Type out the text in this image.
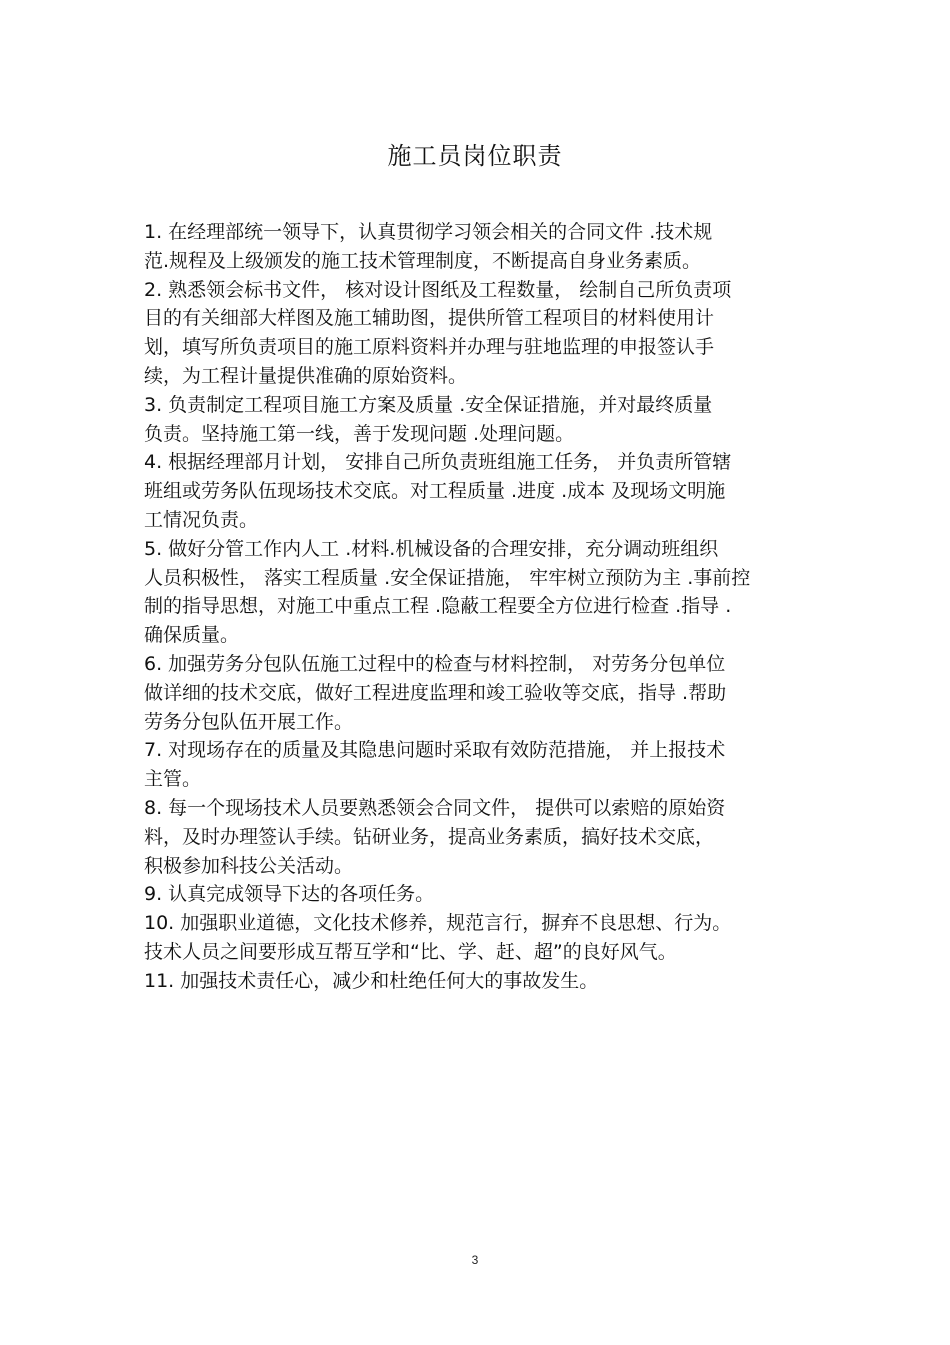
施工员岗位职责
1. 在经理部统一领导下，认真贯彻学习领会相关的合同文件 .技术规
范.规程及上级颁发的施工技术管理制度，不断提高自身业务素质。
2. 熟悉领会标书文件， 核对设计图纸及工程数量， 绘制自己所负责项
目的有关细部大样图及施工辅助图，提供所管工程项目的材料使用计
划，填写所负责项目的施工原料资料并办理与驻地监理的申报签认手
续，为工程计量提供准确的原始资料。
3. 负责制定工程项目施工方案及质量 .安全保证措施，并对最终质量
负责。坚持施工第一线，善于发现问题 .处理问题。
4. 根据经理部月计划， 安排自己所负责班组施工任务， 并负责所管辖
班组或劳务队伍现场技术交底。对工程质量 .进度 .成本 及现场文明施
工情况负责。
5. 做好分管工作内人工 .材料.机械设备的合理安排，充分调动班组织
人员积极性， 落实工程质量 .安全保证措施， 牢牢树立预防为主 .事前控
制的指导思想，对施工中重点工程 .隐蔽工程要全方位进行检查 .指导 .
确保质量。
6. 加强劳务分包队伍施工过程中的检查与材料控制， 对劳务分包单位
做详细的技术交底，做好工程进度监理和竣工验收等交底，指导 .帮助
劳务分包队伍开展工作。
7. 对现场存在的质量及其隐患问题时采取有效防范措施， 并上报技术
主管。
8. 每一个现场技术人员要熟悉领会合同文件， 提供可以索赔的原始资
料，及时办理签认手续。钻研业务，提高业务素质，搞好技术交底，
积极参加科技公关活动。
9. 认真完成领导下达的各项任务。
10. 加强职业道德，文化技术修养，规范言行，摒弃不良思想、行为。
技术人员之间要形成互帮互学和“比、学、赶、超”的良好风气。
11. 加强技术责任心，减少和杜绝任何大的事故发生。
3
